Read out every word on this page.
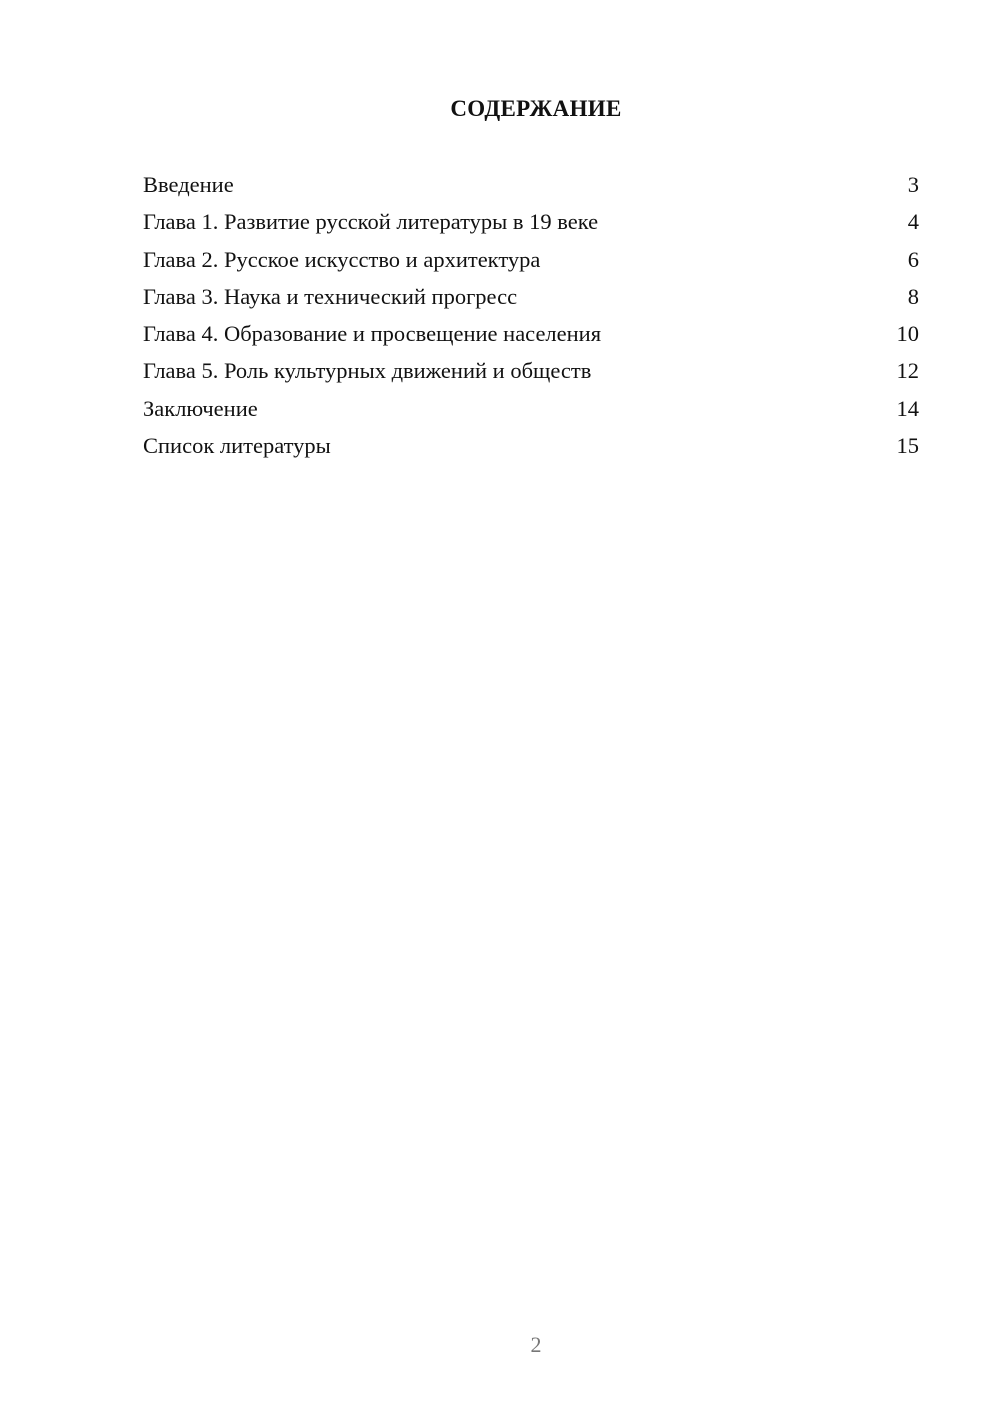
СОДЕРЖАНИЕ
Введение	3
Глава 1. Развитие русской литературы в 19 веке	4
Глава 2. Русское искусство и архитектура	6
Глава 3. Наука и технический прогресс	8
Глава 4. Образование и просвещение населения	10
Глава 5. Роль культурных движений и обществ	12
Заключение	14
Список литературы	15
2
